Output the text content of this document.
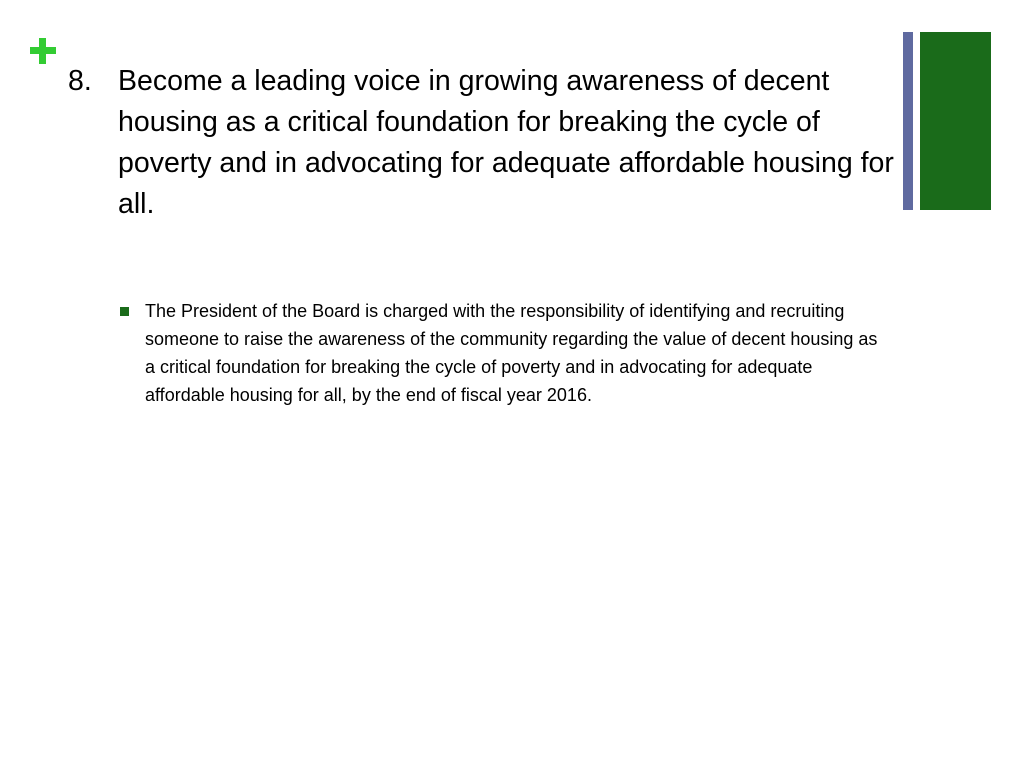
8. Become a leading voice in growing awareness of decent housing as a critical foundation for breaking the cycle of poverty and in advocating for adequate affordable housing for all.
The President of the Board is charged with the responsibility of identifying and recruiting someone to raise the awareness of the community regarding the value of decent housing as a critical foundation for breaking the cycle of poverty and in advocating for adequate affordable housing for all, by the end of fiscal year 2016.
